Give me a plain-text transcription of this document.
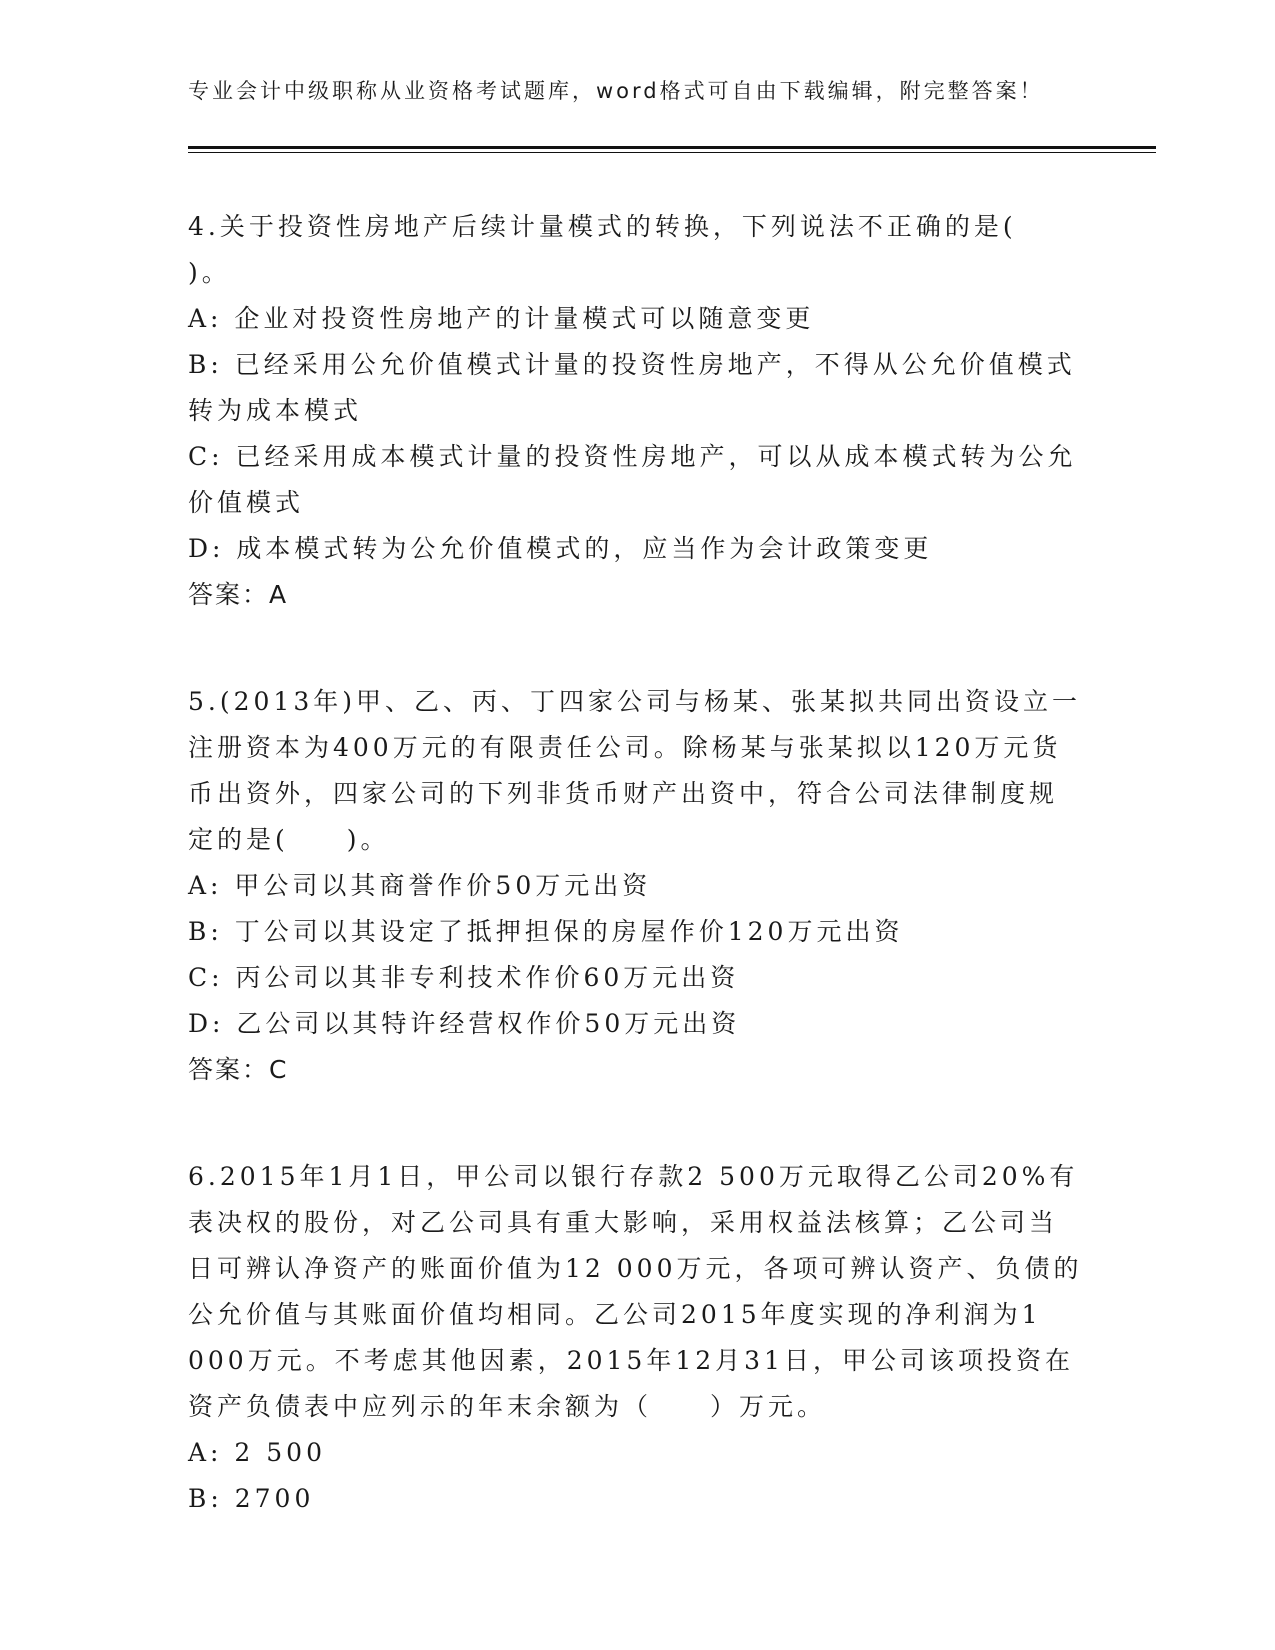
专业会计中级职称从业资格考试题库，word格式可自由下载编辑，附完整答案！
4.关于投资性房地产后续计量模式的转换，下列说法不正确的是(
)。
A: 企业对投资性房地产的计量模式可以随意变更
B: 已经采用公允价值模式计量的投资性房地产，不得从公允价值模式
转为成本模式
C: 已经采用成本模式计量的投资性房地产，可以从成本模式转为公允
价值模式
D: 成本模式转为公允价值模式的，应当作为会计政策变更
答案：A
5.(2013年)甲、乙、丙、丁四家公司与杨某、张某拟共同出资设立一
注册资本为400万元的有限责任公司。除杨某与张某拟以120万元货
币出资外，四家公司的下列非货币财产出资中，符合公司法律制度规
定的是(　　)。
A: 甲公司以其商誉作价50万元出资
B: 丁公司以其设定了抵押担保的房屋作价120万元出资
C: 丙公司以其非专利技术作价60万元出资
D: 乙公司以其特许经营权作价50万元出资
答案：C
6.2015年1月1日，甲公司以银行存款2 500万元取得乙公司20%有
表决权的股份，对乙公司具有重大影响，采用权益法核算；乙公司当
日可辨认净资产的账面价值为12 000万元，各项可辨认资产、负债的
公允价值与其账面价值均相同。乙公司2015年度实现的净利润为1
000万元。不考虑其他因素，2015年12月31日，甲公司该项投资在
资产负债表中应列示的年末余额为（　　）万元。
A: 2 500
B: 2700
